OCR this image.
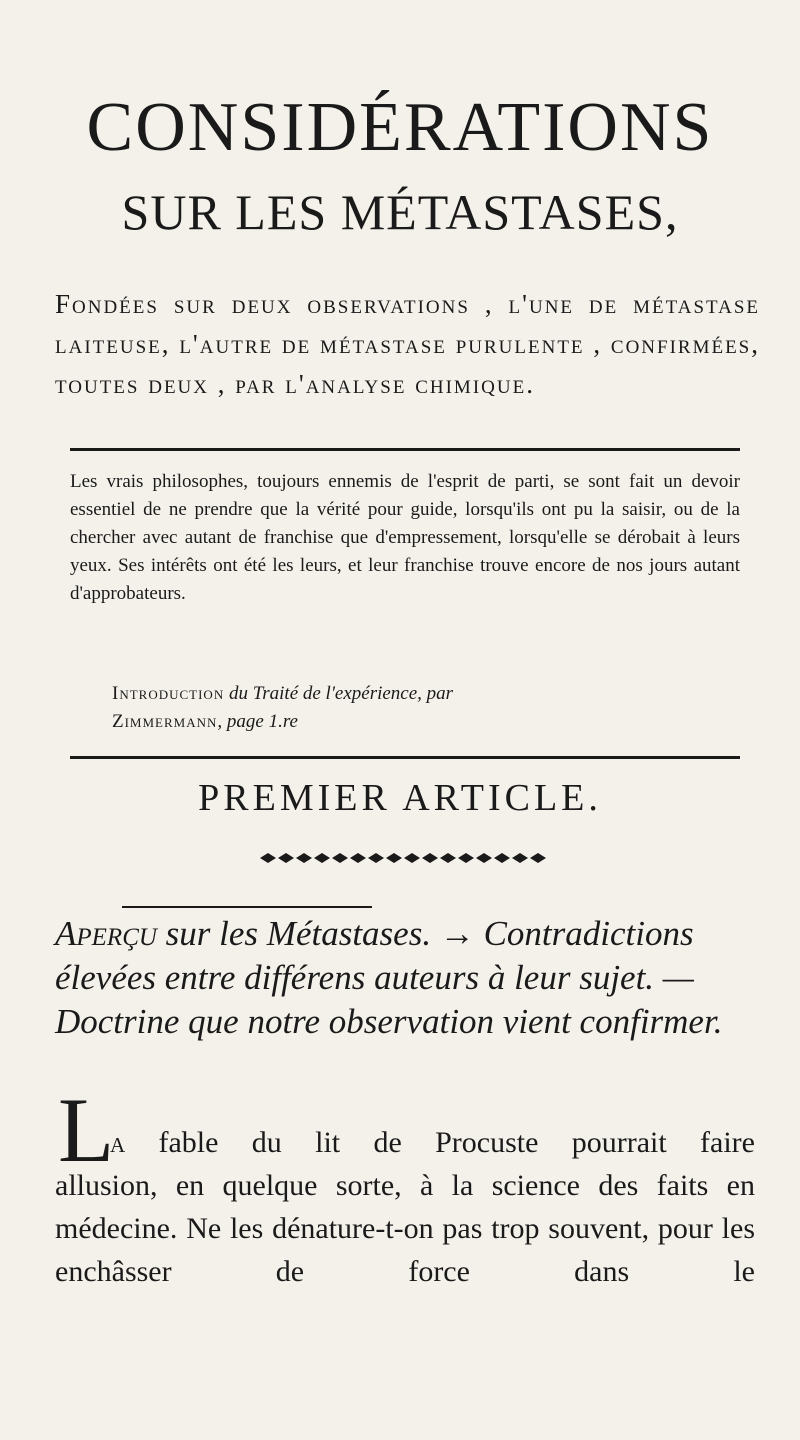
CONSIDÉRATIONS
SUR LES MÉTASTASES,
Fondées sur deux observations , l'une de métastase laiteuse, l'autre de métastase purulente , confirmées, toutes deux , par l'analyse chimique.
Les vrais philosophes, toujours ennemis de l'esprit de parti, se sont fait un devoir essentiel de ne prendre que la vérité pour guide, lorsqu'ils ont pu la saisir, ou de la chercher avec autant de franchise que d'empressement, lorsqu'elle se dérobait à leurs yeux. Ses intérêts ont été les leurs, et leur franchise trouve encore de nos jours autant d'approbateurs.
Introduction du Traité de l'expérience, par
Zimmermann, page 1.re
PREMIER ARTICLE.
Aperçu sur les Métastases. → Contradictions élevées entre différens auteurs à leur sujet. — Doctrine que notre observation vient confirmer.
L
a fable du lit de Procuste pourrait faire
allusion, en quelque sorte, à la science des faits en médecine. Ne les dénature-t-on pas trop souvent, pour les enchâsser de force dans le
